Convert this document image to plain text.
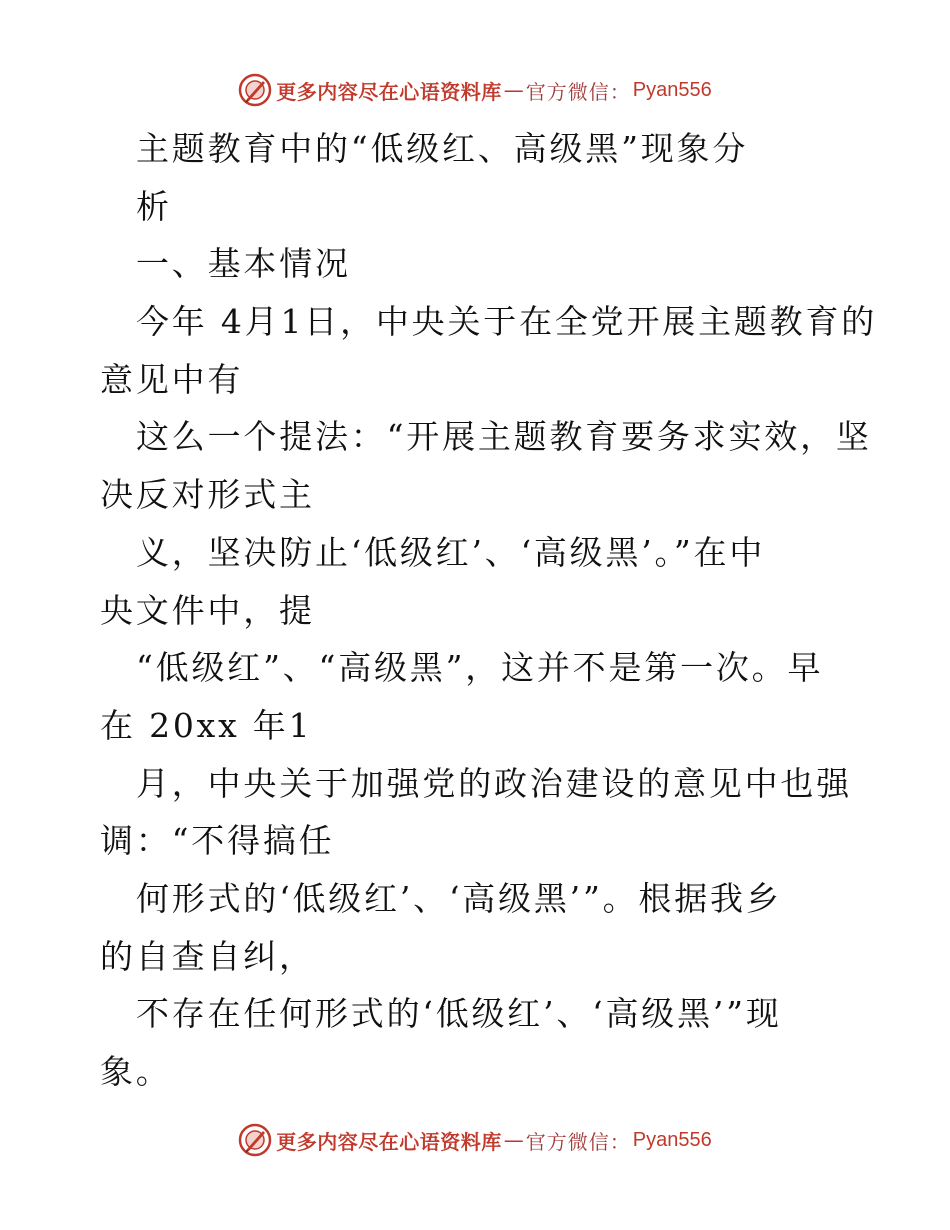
更多内容尽在心语资料库 — 官方微信： Pyan556
主题教育中的“低级红、高级黑”现象分
析
一、基本情况
今年 4月1日，中央关于在全党开展主题教育的
意见中有
这么一个提法：“开展主题教育要务求实效，坚
决反对形式主
义，坚决防止‘低级红’、‘高级黑’。”在中
央文件中，提
“低级红”、“高级黑”，这并不是第一次。早
在 20xx 年1
月，中央关于加强党的政治建设的意见中也强
调：“不得搞任
何形式的‘低级红’、‘高级黑’”。根据我乡
的自查自纠，
不存在任何形式的‘低级红’、‘高级黑’”现
象。
更多内容尽在心语资料库 — 官方微信： Pyan556
